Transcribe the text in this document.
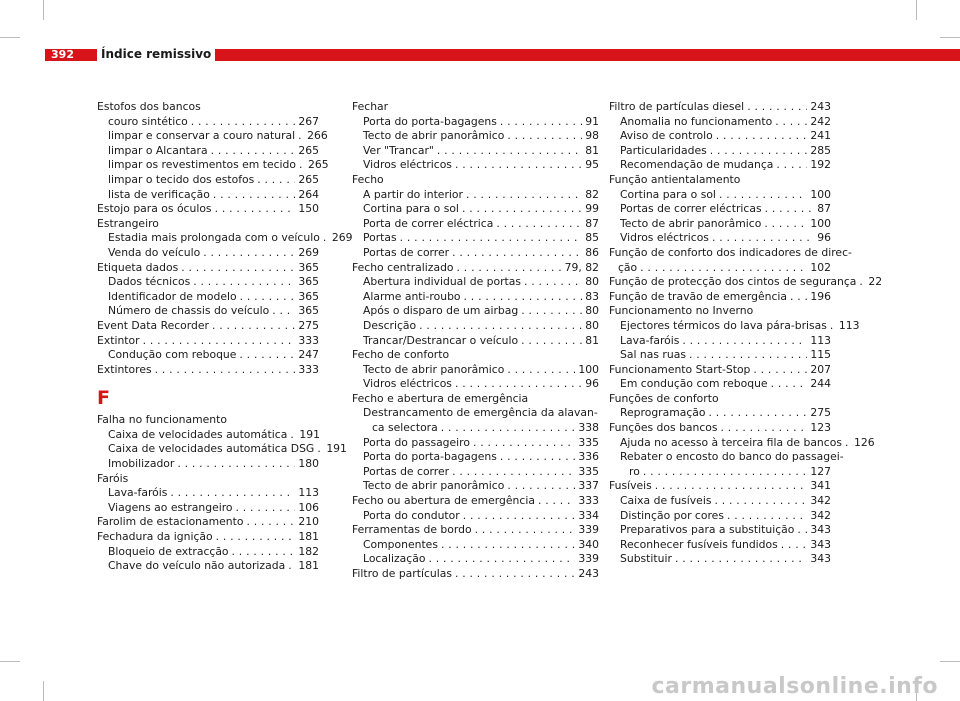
392	Índice remissivo
Estofos dos bancos
couro sintético . . .	267
limpar e conservar a couro natural . . . 266
limpar o Alcantara . . .	265
limpar os revestimentos em tecido . . . 265
limpar o tecido dos estofos . . .	265
lista de verificação . . .	264
Estojo para os óculos . . .	150
Estrangeiro
Estadia mais prolongada com o veículo . . . 269
Venda do veículo . . .	269
Etiqueta dados . . .	365
Dados técnicos . . .	365
Identificador de modelo . . .	365
Número de chassis do veículo . . .	365
Event Data Recorder . . .	275
Extintor . . .	333
Condução com reboque . . .	247
Extintores . . .	333
F
Falha no funcionamento
Caixa de velocidades automática . . . 191
Caixa de velocidades automática DSG . . . 191
Imobilizador . . .	180
Faróis
Lava-faróis . . .	113
Viagens ao estrangeiro . . .	106
Farolim de estacionamento . . .	210
Fechadura da ignição . . .	181
Bloqueio de extracção . . .	182
Chave do veículo não autorizada . . . 181
Fechar
Porta do porta-bagagens . . .	91
Tecto de abrir panorâmico . . .	98
Ver "Trancar" . . .	81
Vidros eléctricos . . .	95
Fecho
A partir do interior . . .	82
Cortina para o sol . . .	99
Porta de correr eléctrica . . .	87
Portas . . .	85
Portas de correr . . .	86
Fecho centralizado . . .	79, 82
Abertura individual de portas . . .	80
Alarme anti-roubo . . .	83
Após o disparo de um airbag . . .	80
Descrição . . .	80
Trancar/Destrancar o veículo . . .	81
Fecho de conforto
Tecto de abrir panorâmico . . .	100
Vidros eléctricos . . .	96
Fecho e abertura de emergência
Destrancamento de emergência da alavan-
ca selectora . . .	338
Porta do passageiro . . .	335
Porta do porta-bagagens . . .	336
Portas de correr . . .	335
Tecto de abrir panorâmico . . .	337
Fecho ou abertura de emergência . . .	333
Porta do condutor . . .	334
Ferramentas de bordo . . .	339
Componentes . . .	340
Localização . . .	339
Filtro de partículas . . .	243
Filtro de partículas diesel . . .	243
Anomalia no funcionamento . . .	242
Aviso de controlo . . .	241
Particularidades . . .	285
Recomendação de mudança . . .	192
Função antientalamento
Cortina para o sol . . .	100
Portas de correr eléctricas . . .	87
Tecto de abrir panorâmico . . .	100
Vidros eléctricos . . .	96
Função de conforto dos indicadores de direc-
ção . . .	102
Função de protecção dos cintos de segurança . . . 22
Função de travão de emergência . . . 196
Funcionamento no Inverno
Ejectores térmicos do lava pára-brisas . . . 113
Lava-faróis . . .	113
Sal nas ruas . . .	115
Funcionamento Start-Stop . . .	207
Em condução com reboque . . .	244
Funções de conforto
Reprogramação . . .	275
Funções dos bancos . . .	123
Ajuda no acesso à terceira fila de bancos . . . 126
Rebater o encosto do banco do passagei-
ro . . .	127
Fusíveis . . .	341
Caixa de fusíveis . . .	342
Distinção por cores . . .	342
Preparativos para a substituição . . . 343
Reconhecer fusíveis fundidos . . .	343
Substituir . . .	343
carmanualsonline.info
